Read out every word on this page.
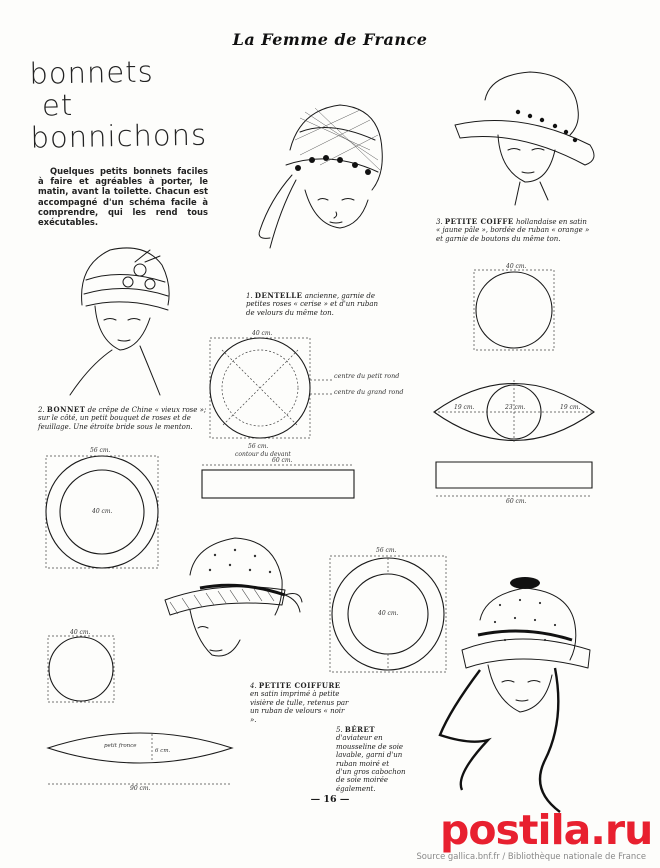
La Femme de France
bonnets
et
bonnichons
Quelques petits bonnets faciles à faire et agréables à porter, le matin, avant la toilette. Chacun est accompagné d'un schéma facile à comprendre, qui les rend tous exécutables.
40 cm.
56 cm.
contour du devant
60 cm.
40 cm.
19 cm.	23 cm.	19 cm.
60 cm.
56 cm.
40 cm.
40 cm.
90 cm.
6 cm.
petit fronce
56 cm.
40 cm.
2. BONNET de crêpe de Chine « vieux rose »; sur le côté, un petit bouquet de roses et de feuillage. Une étroite bride sous le menton.
1. DENTELLE ancienne, garnie de petites roses « cerise » et d'un ruban de velours du même ton.
3. PETITE COIFFE hollandaise en satin « jaune pâle », bordée de ruban « orange » et garnie de boutons du même ton.
4. PETITE COIFFURE en satin imprimé à petite visière de tulle, retenus par un ruban de velours « noir ».
5. BÉRET d'aviateur en mousseline de soie lavable, garni d'un ruban moiré et d'un gros cabochon de soie moirée également.
centre du petit rond
centre du grand rond
— 16 —
postila.ru
Source gallica.bnf.fr / Bibliothèque nationale de France
